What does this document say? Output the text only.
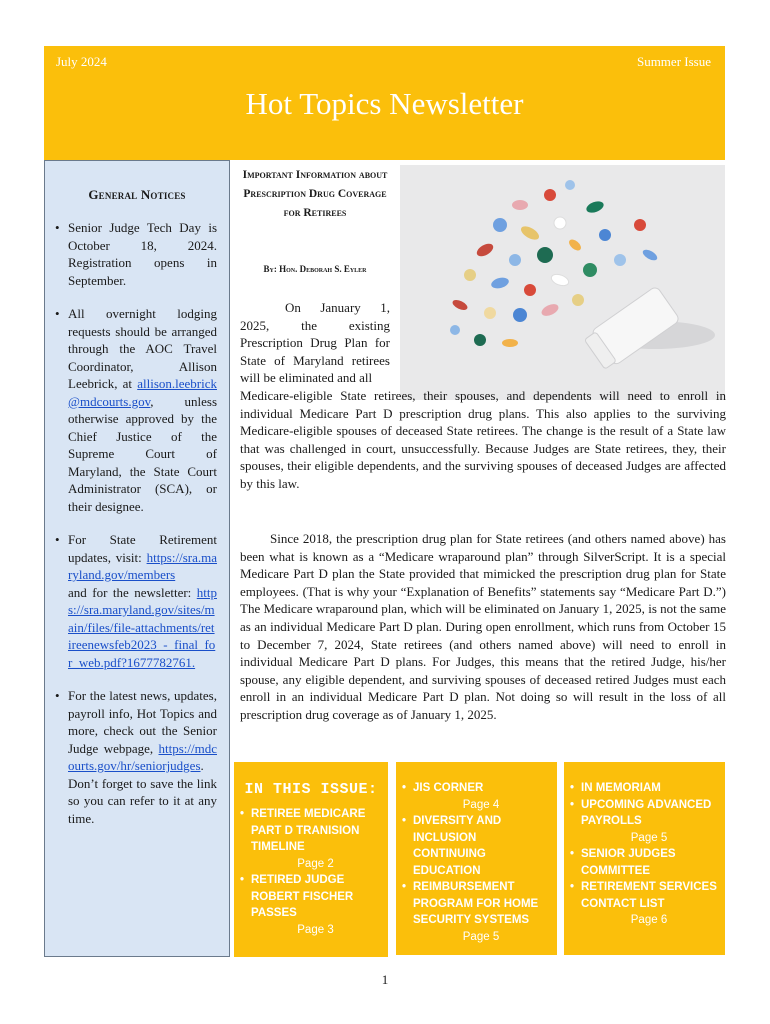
July 2024	Summer Issue
Hot Topics Newsletter
General Notices
• Senior Judge Tech Day is October 18, 2024. Registration opens in September.
• All overnight lodging requests should be arranged through the AOC Travel Coordinator, Allison Leebrick, at allison.leebrick@mdcourts.gov, unless otherwise approved by the Chief Justice of the Supreme Court of Maryland, the State Court Administrator (SCA), or their designee.
• For State Retirement updates, visit: https://sra.maryland.gov/members
and for the newsletter: https://sra.maryland.gov/sites/main/files/file-attachments/retireenewsfeb2023_-_final_for_web.pdf?1677782761.
• For the latest news, updates, payroll info, Hot Topics and more, check out the Senior Judge webpage, https://mdcourts.gov/hr/seniorjudges. Don’t forget to save the link so you can refer to it at any time.
Important Information about Prescription Drug Coverage for Retirees
By: Hon. Deborah S. Eyler
On January 1, 2025, the existing Prescription Drug Plan for State of Maryland retirees will be eliminated and all
Medicare-eligible State retirees, their spouses, and dependents will need to enroll in individual Medicare Part D prescription drug plans. This also applies to the surviving Medicare-eligible spouses of deceased State retirees. The change is the result of a State law that was challenged in court, unsuccessfully. Because Judges are State retirees, they, their spouses, their eligible dependents, and the surviving spouses of deceased Judges are affected by this law.

Since 2018, the prescription drug plan for State retirees (and others named above) has been what is known as a “Medicare wraparound plan” through SilverScript. It is a special Medicare Part D plan the State provided that mimicked the prescription drug plan for State employees. (That is why your “Explanation of Benefits” statements say “Medicare Part D.”) The Medicare wraparound plan, which will be eliminated on January 1, 2025, is not the same as an individual Medicare Part D plan. During open enrollment, which runs from October 15 to December 7, 2024, State retirees (and others named above) will need to enroll in individual Medicare Part D plans. For Judges, this means that the retired Judge, his/her spouse, any eligible dependent, and surviving spouses of deceased retired Judges must each enroll in an individual Medicare Part D plan. Not doing so will result in the loss of all prescription drug coverage as of January 1, 2025.

IN THIS ISSUE:
• RETIREE MEDICARE PART D TRANISION TIMELINE
Page 2
• RETIRED JUDGE ROBERT FISCHER PASSES
Page 3
• JIS CORNER
Page 4
• DIVERSITY AND INCLUSION CONTINUING EDUCATION
• REIMBURSEMENT PROGRAM FOR HOME SECURITY SYSTEMS
Page 5
• IN MEMORIAM
• UPCOMING ADVANCED PAYROLLS
Page 5
• SENIOR JUDGES COMMITTEE
• RETIREMENT SERVICES CONTACT LIST
Page 6
1
